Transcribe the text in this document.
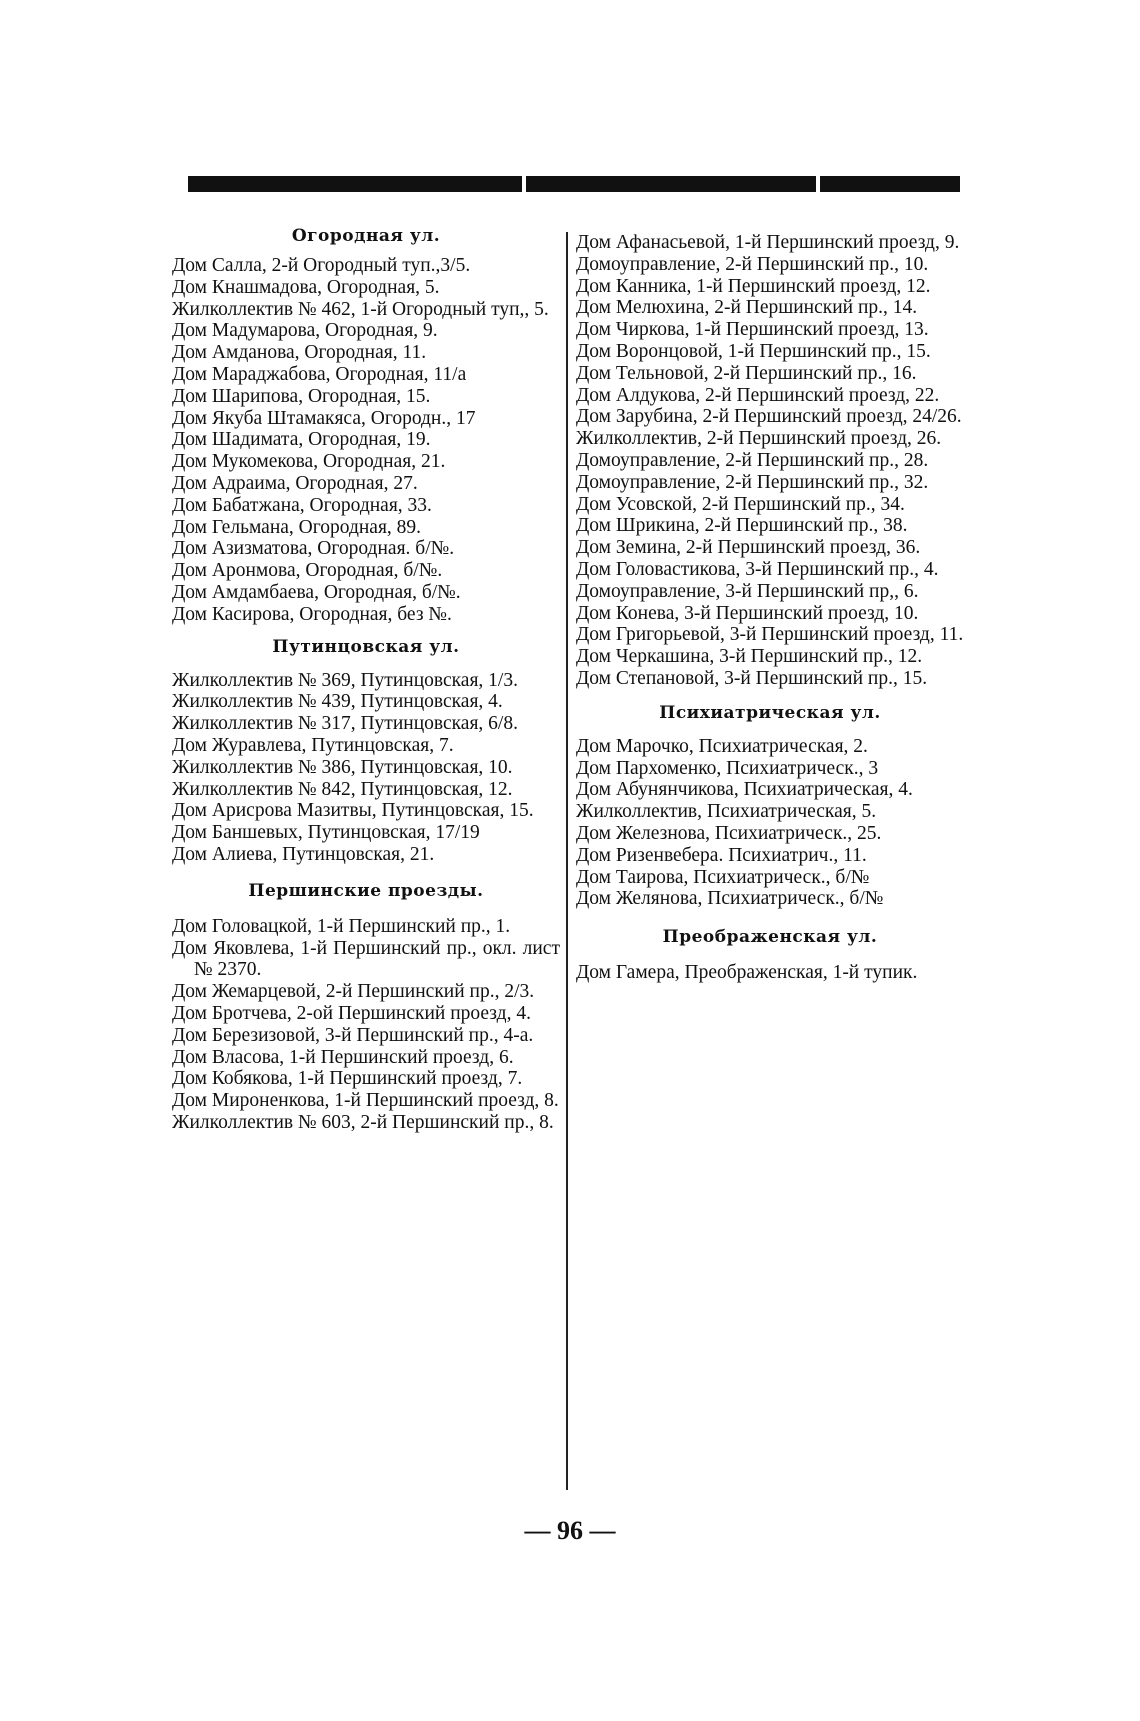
Огородная ул.
Дом Салла, 2-й Огородный туп.,3/5.
Дом Кнашмадова, Огородная, 5.
Жилколлектив № 462, 1-й Огородный туп,, 5.
Дом Мадумарова, Огородная, 9.
Дом Амданова, Огородная, 11.
Дом Мараджабова, Огородная, 11/а
Дом Шарипова, Огородная, 15.
Дом Якуба Штамакяса, Огородн., 17
Дом Шадимата, Огородная, 19.
Дом Мукомекова, Огородная, 21.
Дом Адраима, Огородная, 27.
Дом Бабатжана, Огородная, 33.
Дом Гельмана, Огородная, 89.
Дом Азизматова, Огородная. б/№.
Дом Аронмова, Огородная, б/№.
Дом Амдамбаева, Огородная, б/№.
Дом Касирова, Огородная, без №.
Путинцовская ул.
Жилколлектив № 369, Путинцовская, 1/3.
Жилколлектив № 439, Путинцовская, 4.
Жилколлектив № 317, Путинцовская, 6/8.
Дом Журавлева, Путинцовская, 7.
Жилколлектив № 386, Путинцовская, 10.
Жилколлектив № 842, Путинцовская, 12.
Дом Арисрова Мазитвы, Путинцовская, 15.
Дом Баншевых, Путинцовская, 17/19
Дом Алиева, Путинцовская, 21.
Першинские проезды.
Дом Головацкой, 1-й Першинский пр., 1.
Дом Яковлева, 1-й Першинский пр., окл. лист № 2370.
Дом Жемарцевой, 2-й Першинский пр., 2/3.
Дом Бротчева, 2-ой Першинский проезд, 4.
Дом Березизовой, 3-й Першинский пр., 4-а.
Дом Власова, 1-й Першинский проезд, 6.
Дом Кобякова, 1-й Першинский проезд, 7.
Дом Мироненкова, 1-й Першинский проезд, 8.
Жилколлектив № 603, 2-й Першинский пр., 8.
Дом Афанасьевой, 1-й Першинский проезд, 9.
Домоуправление, 2-й Першинский пр., 10.
Дом Канника, 1-й Першинский проезд, 12.
Дом Мелюхина, 2-й Першинский пр., 14.
Дом Чиркова, 1-й Першинский проезд, 13.
Дом Воронцовой, 1-й Першинский пр., 15.
Дом Тельновой, 2-й Першинский пр., 16.
Дом Алдукова, 2-й Першинский проезд, 22.
Дом Зарубина, 2-й Першинский проезд, 24/26.
Жилколлектив, 2-й Першинский проезд, 26.
Домоуправление, 2-й Першинский пр., 28.
Домоуправление, 2-й Першинский пр., 32.
Дом Усовской, 2-й Першинский пр., 34.
Дом Шрикина, 2-й Першинский пр., 38.
Дом Земина, 2-й Першинский проезд, 36.
Дом Головастикова, 3-й Першинский пр., 4.
Домоуправление, 3-й Першинский пр,, 6.
Дом Конева, 3-й Першинский проезд, 10.
Дом Григорьевой, 3-й Першинский проезд, 11.
Дом Черкашина, 3-й Першинский пр., 12.
Дом Степановой, 3-й Першинский пр., 15.
Психиатрическая ул.
Дом Марочко, Психиатрическая, 2.
Дом Пархоменко, Психиатрическ., 3
Дом Абунянчикова, Психиатрическая, 4.
Жилколлектив, Психиатрическая, 5.
Дом Железнова, Психиатрическ., 25.
Дом Ризенвебера. Психиатрич., 11.
Дом Таирова, Психиатрическ., б/№
Дом Желянова, Психиатрическ., б/№
Преображенская ул.
Дом Гамера, Преображенская, 1-й тупик.
— 96 —
